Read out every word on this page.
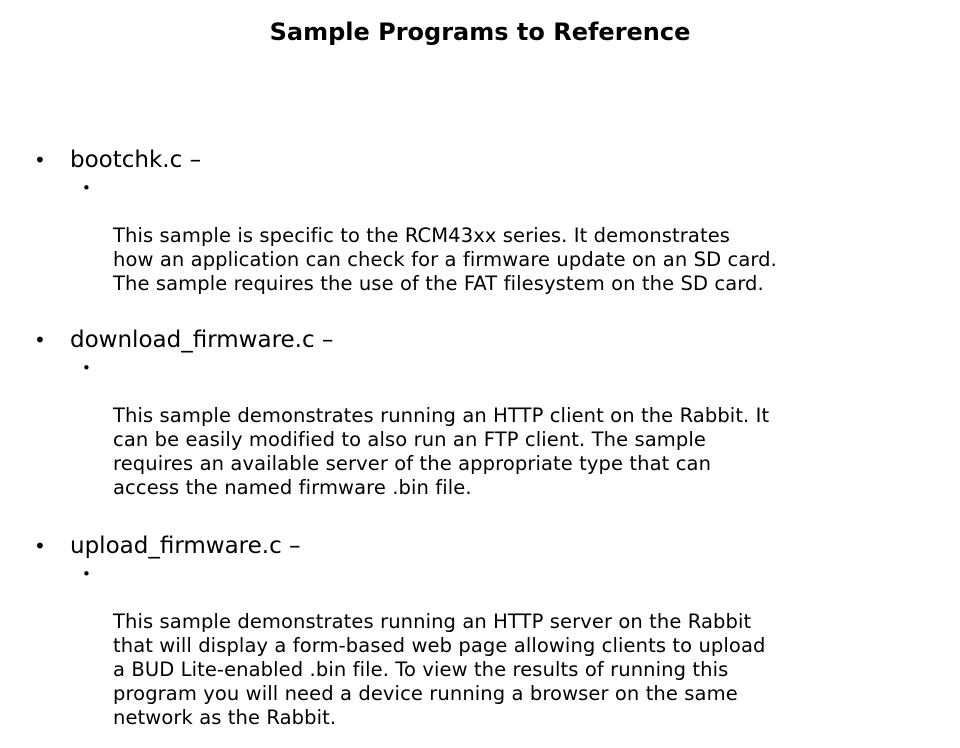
Sample Programs to Reference
• bootchk.c –

•

This sample is specific to the RCM43xx series. It demonstrates
how an application can check for a firmware update on an SD card.
The sample requires the use of the FAT filesystem on the SD card.

• download_firmware.c –

•

This sample demonstrates running an HTTP client on the Rabbit. It
can be easily modified to also run an FTP client. The sample
requires an available server of the appropriate type that can
access the named firmware .bin file.

• upload_firmware.c –

•

This sample demonstrates running an HTTP server on the Rabbit
that will display a form-based web page allowing clients to upload
a BUD Lite-enabled .bin file. To view the results of running this
program you will need a device running a browser on the same
network as the Rabbit.
